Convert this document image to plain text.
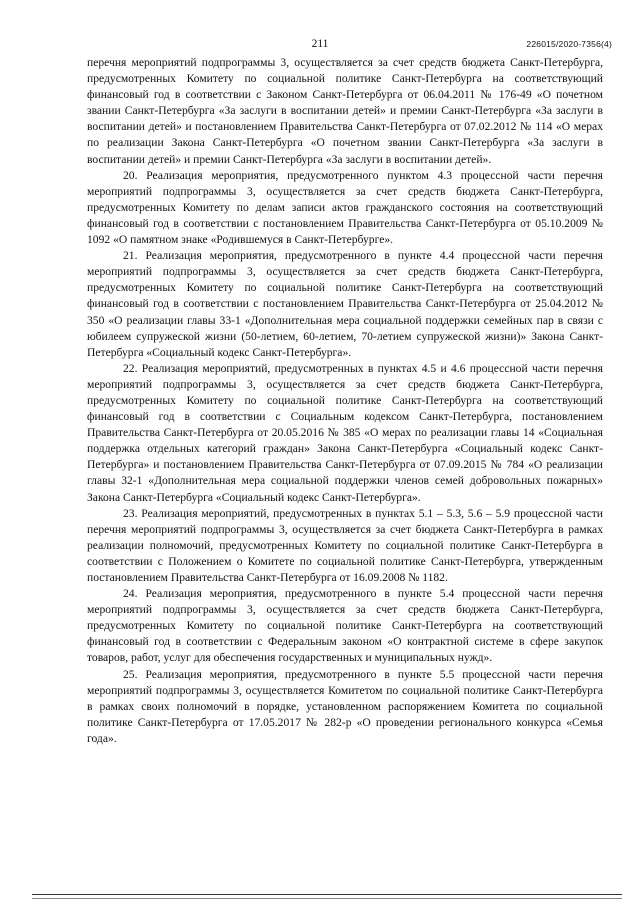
211	226015/2020-7356(4)

перечня мероприятий подпрограммы 3, осуществляется за счет средств бюджета Санкт-Петербурга, предусмотренных Комитету по социальной политике Санкт-Петербурга на соответствующий финансовый год в соответствии с Законом Санкт-Петербурга от 06.04.2011 № 176-49 «О почетном звании Санкт-Петербурга «За заслуги в воспитании детей» и премии Санкт-Петербурга «За заслуги в воспитании детей» и постановлением Правительства Санкт-Петербурга от 07.02.2012 № 114 «О мерах по реализации Закона Санкт-Петербурга «О почетном звании Санкт-Петербурга «За заслуги в воспитании детей» и премии Санкт-Петербурга «За заслуги в воспитании детей».

20. Реализация мероприятия, предусмотренного пунктом 4.3 процессной части перечня мероприятий подпрограммы 3, осуществляется за счет средств бюджета Санкт-Петербурга, предусмотренных Комитету по делам записи актов гражданского состояния на соответствующий финансовый год в соответствии с постановлением Правительства Санкт-Петербурга от 05.10.2009 № 1092 «О памятном знаке «Родившемуся в Санкт-Петербурге».

21. Реализация мероприятия, предусмотренного в пункте 4.4 процессной части перечня мероприятий подпрограммы 3, осуществляется за счет средств бюджета Санкт-Петербурга, предусмотренных Комитету по социальной политике Санкт-Петербурга на соответствующий финансовый год в соответствии с постановлением Правительства Санкт-Петербурга от 25.04.2012 № 350 «О реализации главы 33-1 «Дополнительная мера социальной поддержки семейных пар в связи с юбилеем супружеской жизни (50-летием, 60-летием, 70-летием супружеской жизни)» Закона Санкт-Петербурга «Социальный кодекс Санкт-Петербурга».

22. Реализация мероприятий, предусмотренных в пунктах 4.5 и 4.6 процессной части перечня мероприятий подпрограммы 3, осуществляется за счет средств бюджета Санкт-Петербурга, предусмотренных Комитету по социальной политике Санкт-Петербурга на соответствующий финансовый год в соответствии с Социальным кодексом Санкт-Петербурга, постановлением Правительства Санкт-Петербурга от 20.05.2016 № 385 «О мерах по реализации главы 14 «Социальная поддержка отдельных категорий граждан» Закона Санкт-Петербурга «Социальный кодекс Санкт-Петербурга» и постановлением Правительства Санкт-Петербурга от 07.09.2015 № 784 «О реализации главы 32-1 «Дополнительная мера социальной поддержки членов семей добровольных пожарных» Закона Санкт-Петербурга «Социальный кодекс Санкт-Петербурга».

23. Реализация мероприятий, предусмотренных в пунктах 5.1 – 5.3, 5.6 – 5.9 процессной части перечня мероприятий подпрограммы 3, осуществляется за счет бюджета Санкт-Петербурга в рамках реализации полномочий, предусмотренных Комитету по социальной политике Санкт-Петербурга в соответствии с Положением о Комитете по социальной политике Санкт-Петербурга, утвержденным постановлением Правительства Санкт-Петербурга от 16.09.2008 № 1182.

24. Реализация мероприятия, предусмотренного в пункте 5.4 процессной части перечня мероприятий подпрограммы 3, осуществляется за счет средств бюджета Санкт-Петербурга, предусмотренных Комитету по социальной политике Санкт-Петербурга на соответствующий финансовый год в соответствии с Федеральным законом «О контрактной системе в сфере закупок товаров, работ, услуг для обеспечения государственных и муниципальных нужд».

25. Реализация мероприятия, предусмотренного в пункте 5.5 процессной части перечня мероприятий подпрограммы 3, осуществляется Комитетом по социальной политике Санкт-Петербурга в рамках своих полномочий в порядке, установленном распоряжением Комитета по социальной политике Санкт-Петербурга от 17.05.2017 № 282-р «О проведении регионального конкурса «Семья года».
